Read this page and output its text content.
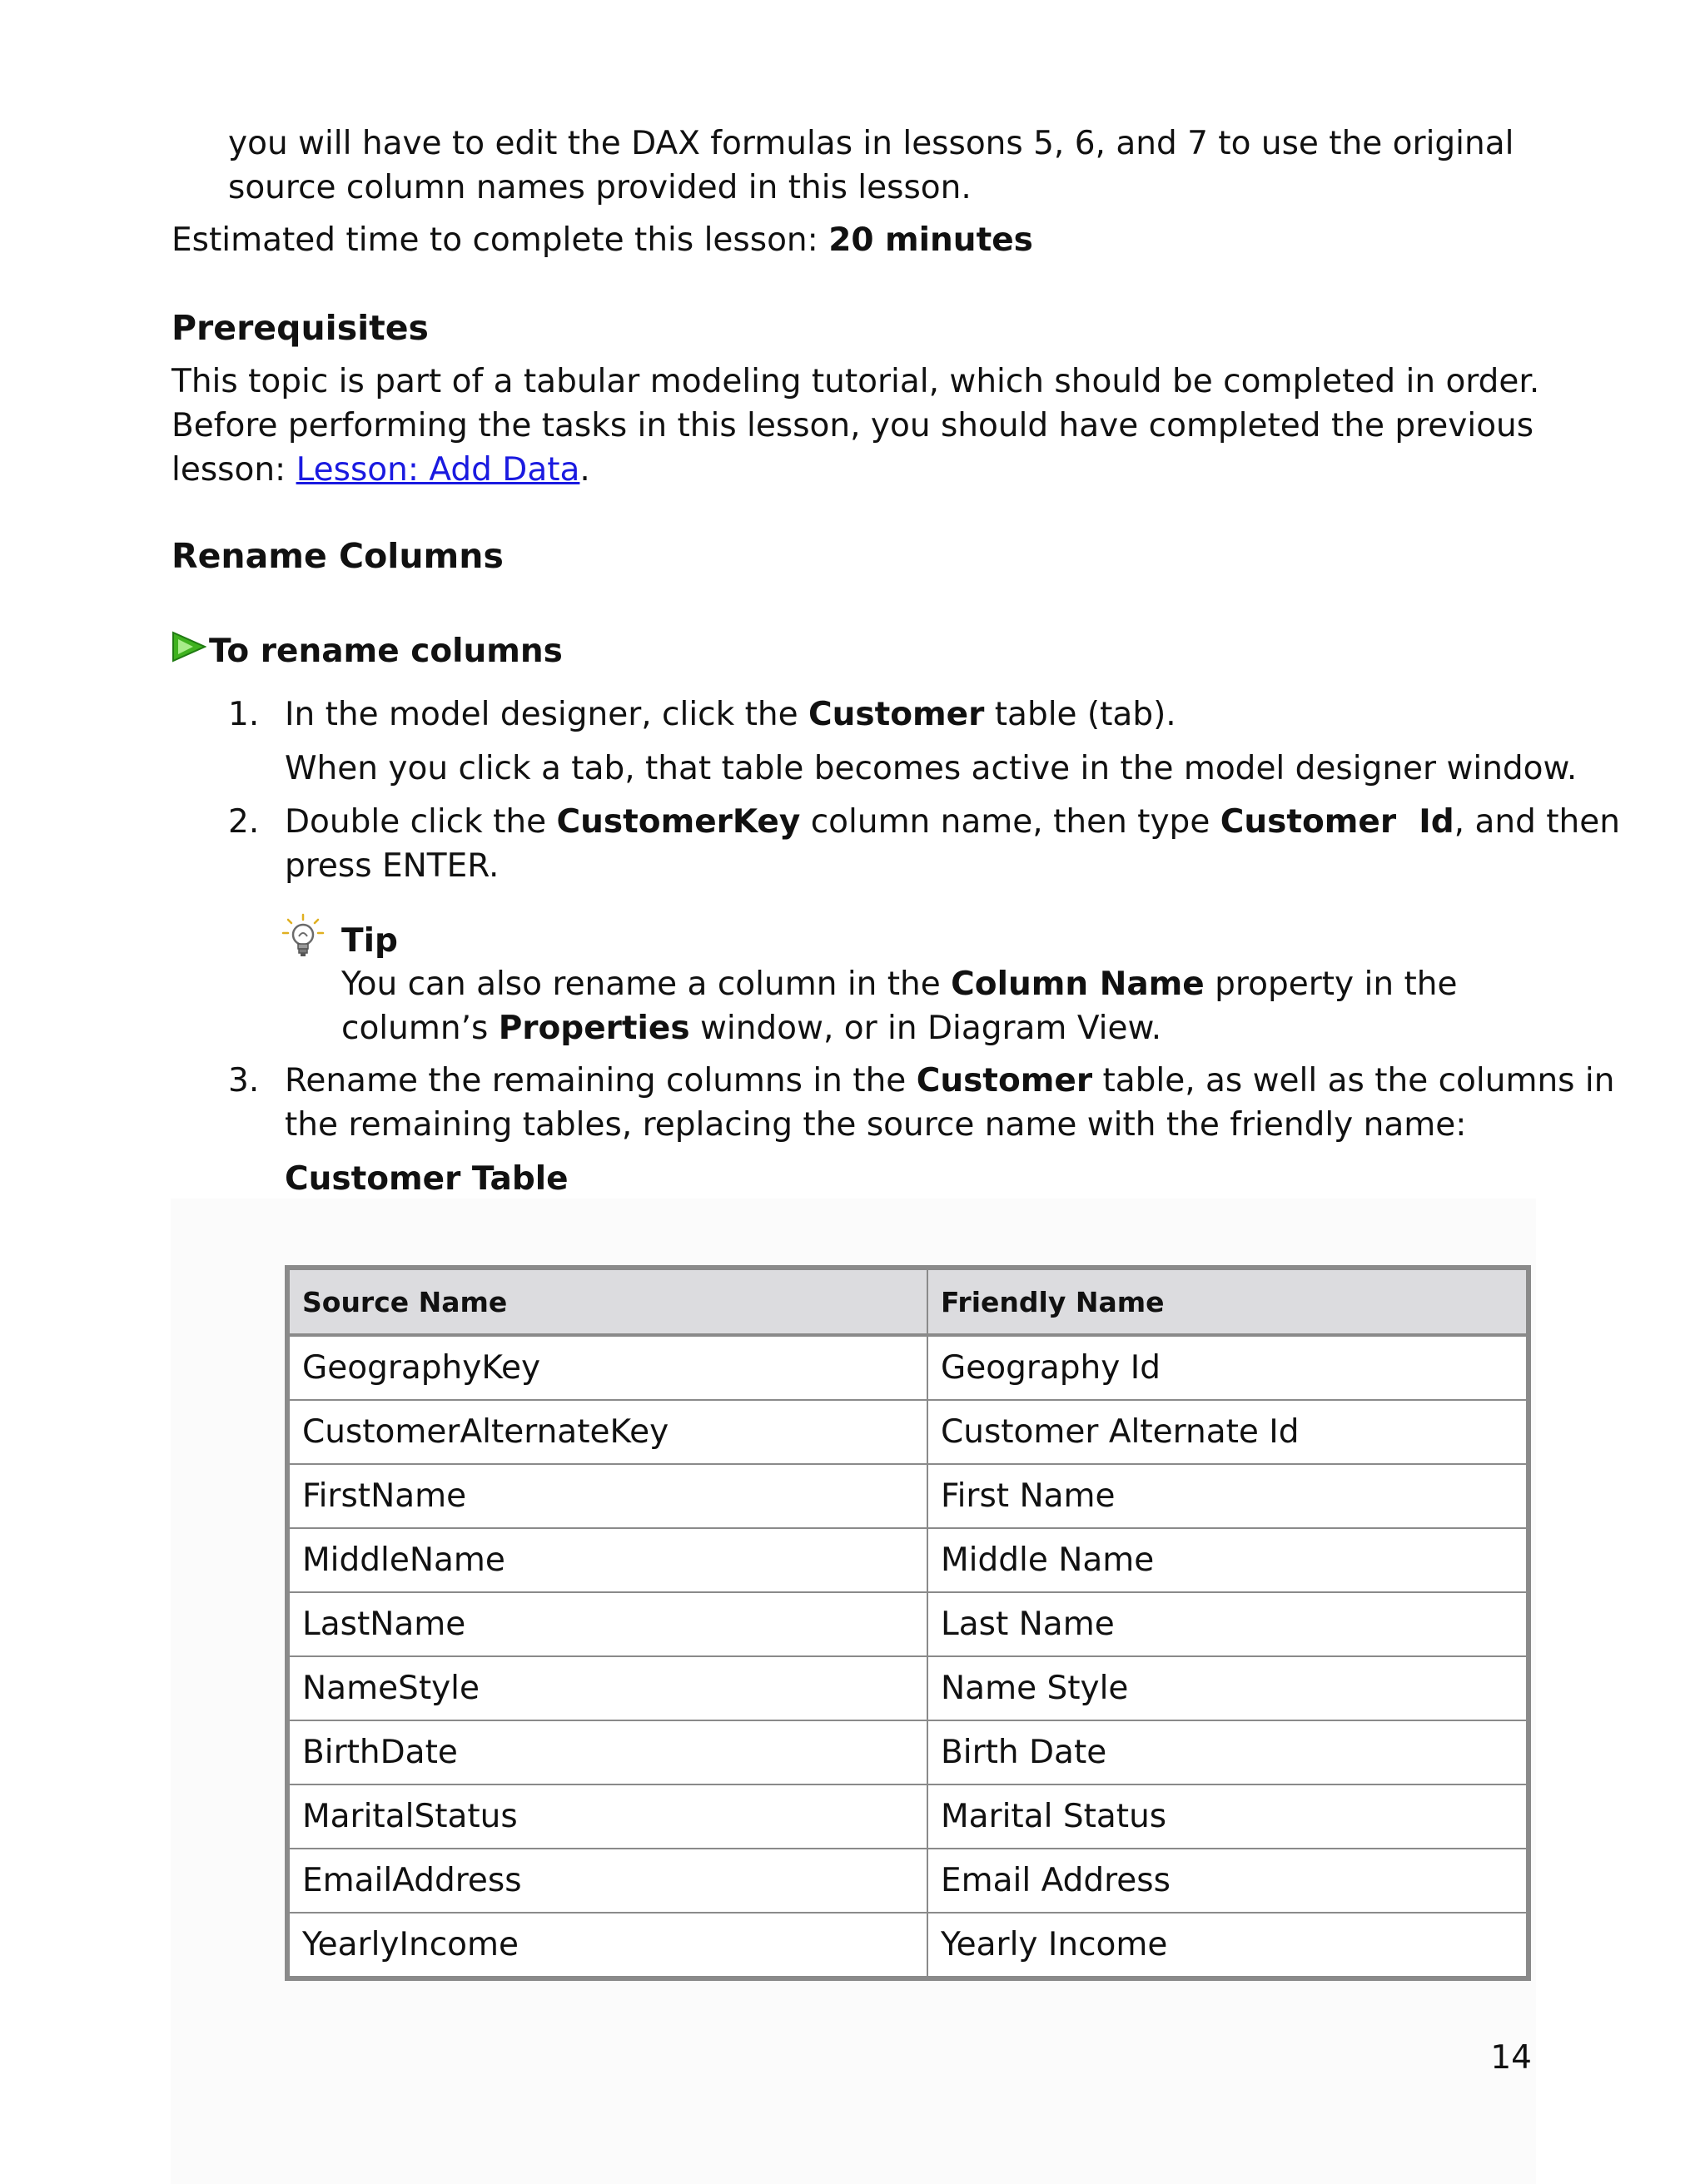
you will have to edit the DAX formulas in lessons 5, 6, and 7 to use the original
source column names provided in this lesson.
Estimated time to complete this lesson: 20 minutes
Prerequisites
This topic is part of a tabular modeling tutorial, which should be completed in order.
Before performing the tasks in this lesson, you should have completed the previous
lesson: Lesson: Add Data.
Rename Columns
To rename columns
1. In the model designer, click the Customer table (tab).
When you click a tab, that table becomes active in the model designer window.
2. Double click the CustomerKey column name, then type Customer  Id, and then
press ENTER.
Tip
You can also rename a column in the Column Name property in the
column’s Properties window, or in Diagram View.
3. Rename the remaining columns in the Customer table, as well as the columns in
the remaining tables, replacing the source name with the friendly name:
Customer Table
Source Name	Friendly Name
GeographyKey	Geography Id
CustomerAlternateKey	Customer Alternate Id
FirstName	First Name
MiddleName	Middle Name
LastName	Last Name
NameStyle	Name Style
BirthDate	Birth Date
MaritalStatus	Marital Status
EmailAddress	Email Address
YearlyIncome	Yearly Income
14
